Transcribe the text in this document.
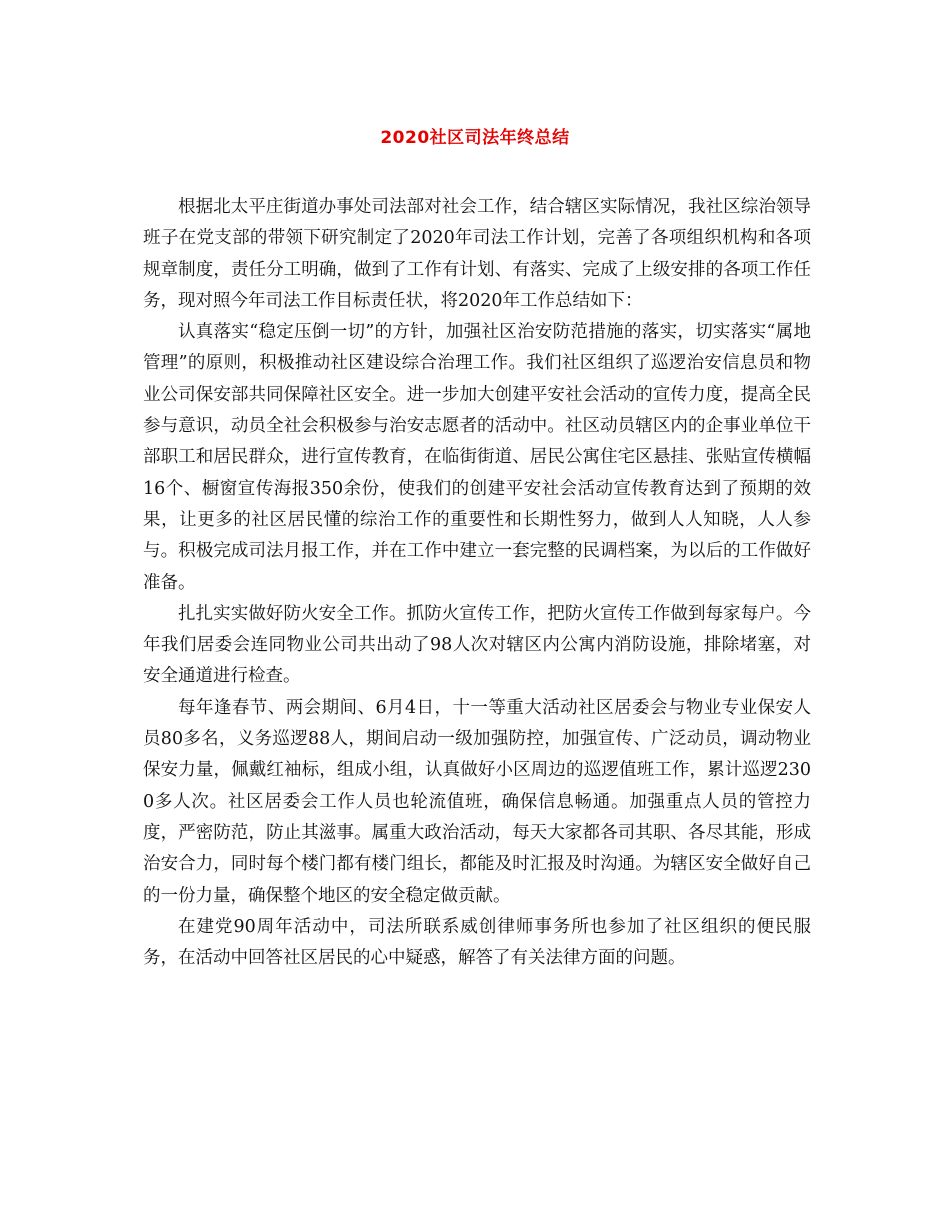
2020社区司法年终总结

根据北太平庄街道办事处司法部对社会工作，结合辖区实际情况，我社区综治领导班子在党支部的带领下研究制定了2020年司法工作计划，完善了各项组织机构和各项规章制度，责任分工明确，做到了工作有计划、有落实、完成了上级安排的各项工作任务，现对照今年司法工作目标责任状，将2020年工作总结如下：

认真落实“稳定压倒一切”的方针，加强社区治安防范措施的落实，切实落实“属地管理”的原则，积极推动社区建设综合治理工作。我们社区组织了巡逻治安信息员和物业公司保安部共同保障社区安全。进一步加大创建平安社会活动的宣传力度，提高全民参与意识，动员全社会积极参与治安志愿者的活动中。社区动员辖区内的企事业单位干部职工和居民群众，进行宣传教育，在临街街道、居民公寓住宅区悬挂、张贴宣传横幅16个、橱窗宣传海报350余份，使我们的创建平安社会活动宣传教育达到了预期的效果，让更多的社区居民懂的综治工作的重要性和长期性努力，做到人人知晓，人人参与。积极完成司法月报工作，并在工作中建立一套完整的民调档案，为以后的工作做好准备。

扎扎实实做好防火安全工作。抓防火宣传工作，把防火宣传工作做到每家每户。今年我们居委会连同物业公司共出动了98人次对辖区内公寓内消防设施，排除堵塞，对安全通道进行检查。

每年逢春节、两会期间、6月4日，十一等重大活动社区居委会与物业专业保安人员80多名，义务巡逻88人，期间启动一级加强防控，加强宣传、广泛动员，调动物业保安力量，佩戴红袖标，组成小组，认真做好小区周边的巡逻值班工作，累计巡逻2300多人次。社区居委会工作人员也轮流值班，确保信息畅通。加强重点人员的管控力度，严密防范，防止其滋事。属重大政治活动，每天大家都各司其职、各尽其能，形成治安合力，同时每个楼门都有楼门组长，都能及时汇报及时沟通。为辖区安全做好自己的一份力量，确保整个地区的安全稳定做贡献。

在建党90周年活动中，司法所联系威创律师事务所也参加了社区组织的便民服务，在活动中回答社区居民的心中疑惑，解答了有关法律方面的问题。
